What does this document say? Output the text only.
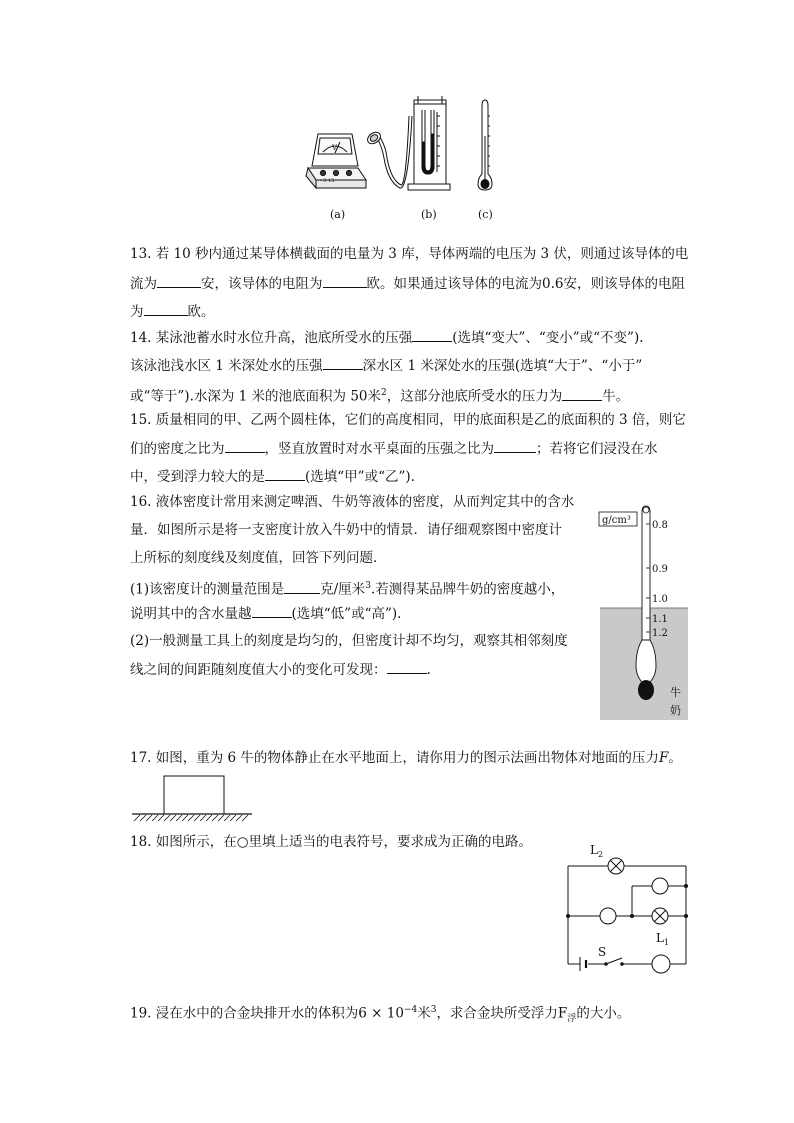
V
- 3 15
(a)	(b)	(c)
13. 若 10 秒内通过某导体横截面的电量为 3 库，导体两端的电压为 3 伏，则通过该导体的电
流为	安，该导体的电阻为	欧。如果通过该导体的电流为0.6安，则该导体的电阻
为	欧。
14. 某泳池蓄水时水位升高，池底所受水的压强	(选填“变大”、“变小”或“不变”).
该泳池浅水区 1 米深处水的压强	深水区 1 米深处水的压强(选填“大于”、“小于”
或“等于”).水深为 1 米的池底面积为 50米$^2$，这部分池底所受水的压力为	牛。
15. 质量相同的甲、乙两个圆柱体，它们的高度相同，甲的底面积是乙的底面积的 3 倍，则它
们的密度之比为	，竖直放置时对水平桌面的压强之比为	；若将它们浸没在水
中，受到浮力较大的是	(选填“甲”或“乙”).
16. 液体密度计常用来测定啤酒、牛奶等液体的密度，从而判定其中的含水
量．如图所示是将一支密度计放入牛奶中的情景．请仔细观察图中密度计
上所标的刻度线及刻度值，回答下列问题．
(1)该密度计的测量范围是	克/厘米$^3$.若测得某品牌牛奶的密度越小，
说明其中的含水量越	(选填“低”或“高”).
(2)一般测量工具上的刻度是均匀的，但密度计却不均匀，观察其相邻刻度
线之间的间距随刻度值大小的变化可发现：	.
g/cm³ 0.8
0.9
1.0
1.1
1.2
牛
奶
17. 如图，重为 6 牛的物体静止在水平地面上，请你用力的图示法画出物体对地面的压力F。
18. 如图所示，在○里填上适当的电表符号，要求成为正确的电路。	$L_2$
$L_1$
S
19. 浸在水中的合金块排开水的体积为$6 \times 10^{-4}$米$^3$，求合金块所受浮力$F_浮$的大小。
